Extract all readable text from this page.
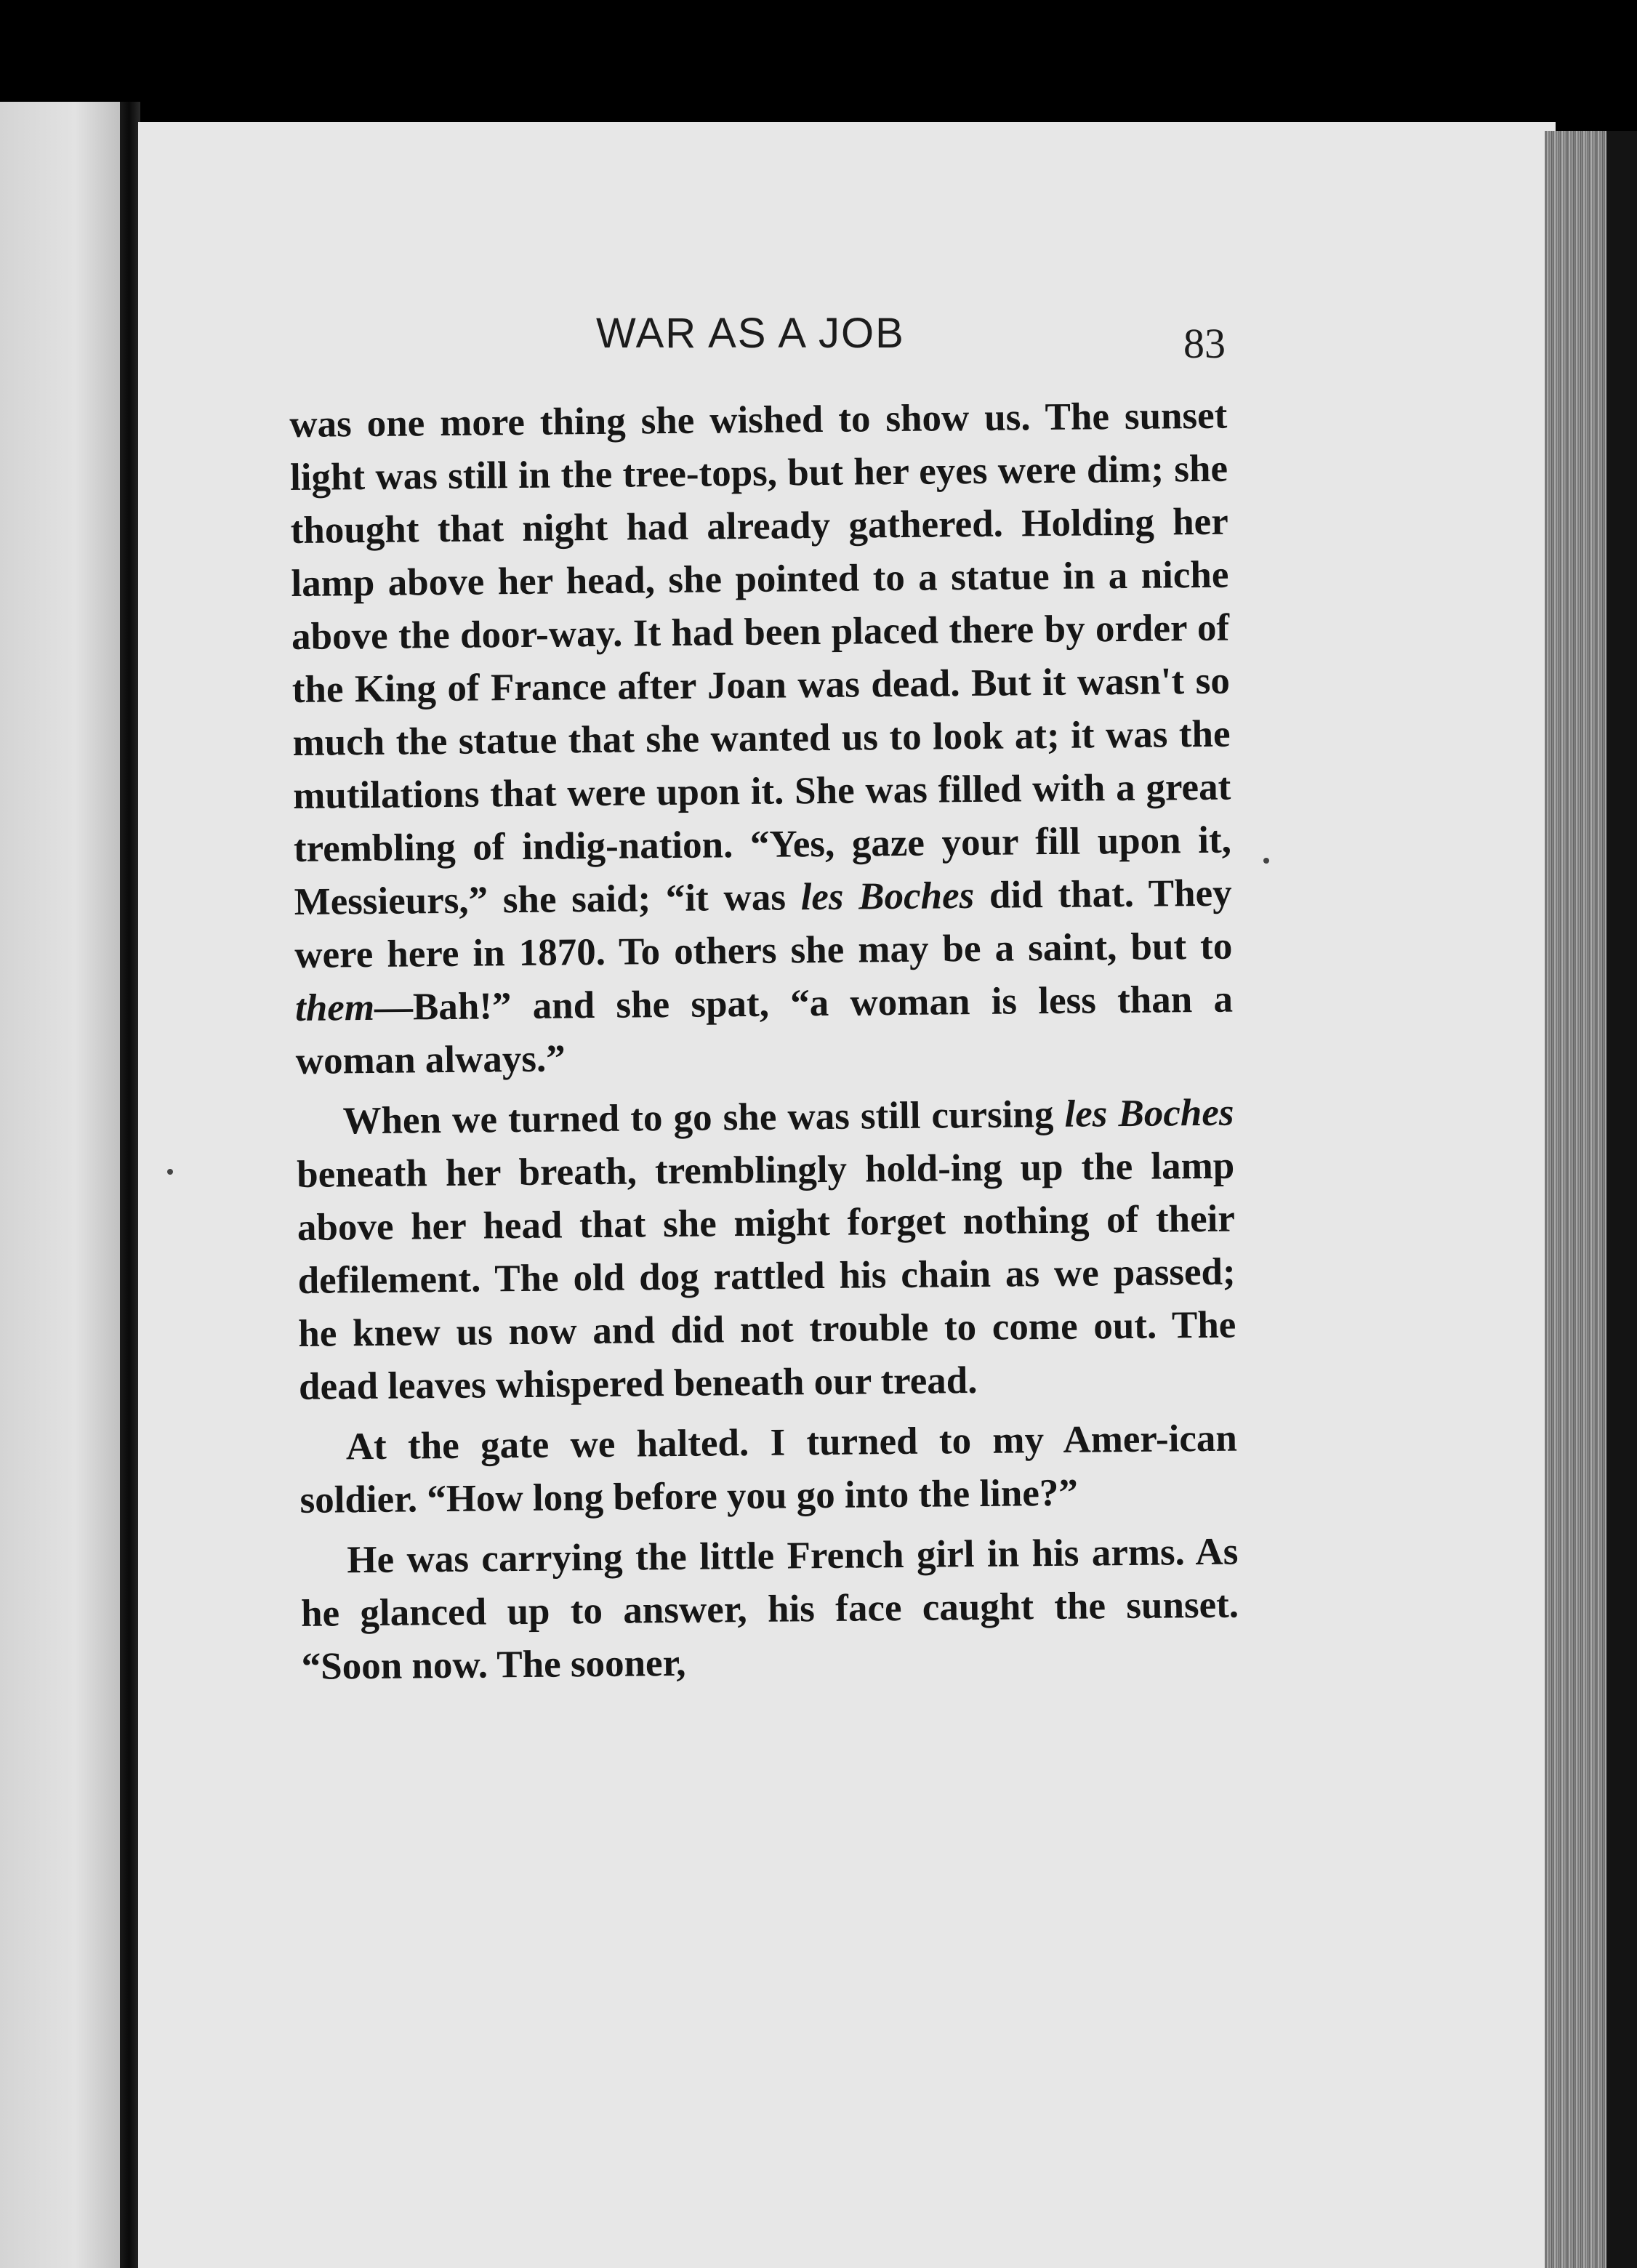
WAR AS A JOB	83

was one more thing she wished to show us. The sunset light was still in the tree-tops, but her eyes were dim; she thought that night had already gathered. Holding her lamp above her head, she pointed to a statue in a niche above the door-way. It had been placed there by order of the King of France after Joan was dead. But it wasn't so much the statue that she wanted us to look at; it was the mutilations that were upon it. She was filled with a great trembling of indig-nation. “Yes, gaze your fill upon it, Messieurs,” she said; “it was les Boches did that. They were here in 1870. To others she may be a saint, but to them—Bah!” and she spat, “a woman is less than a woman always.”

When we turned to go she was still cursing les Boches beneath her breath, tremblingly hold-ing up the lamp above her head that she might forget nothing of their defilement. The old dog rattled his chain as we passed; he knew us now and did not trouble to come out. The dead leaves whispered beneath our tread.

At the gate we halted. I turned to my Amer-ican soldier. “How long before you go into the line?”

He was carrying the little French girl in his arms. As he glanced up to answer, his face caught the sunset. “Soon now. The sooner,
